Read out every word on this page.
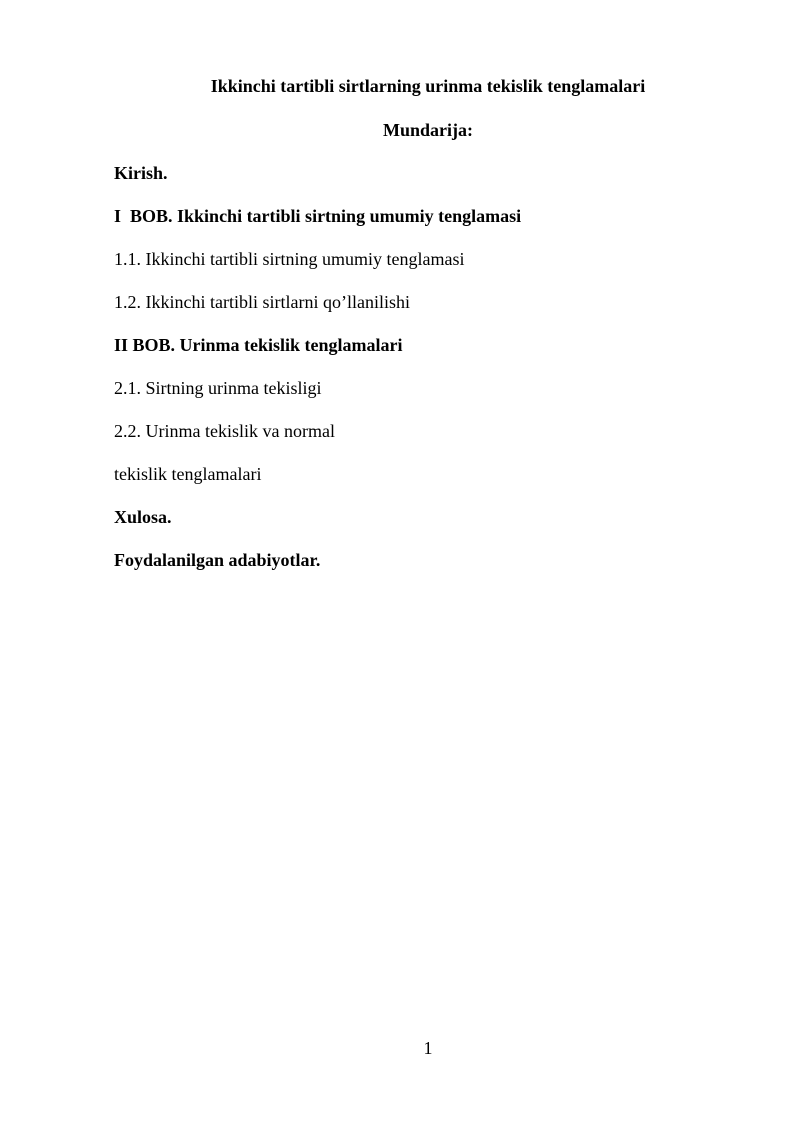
Ikkinchi tartibli sirtlarning urinma tekislik tenglamalari
Mundarija:
Kirish.
I BOB. Ikkinchi tartibli sirtning umumiy tenglamasi
1.1. Ikkinchi tartibli sirtning umumiy tenglamasi
1.2. Ikkinchi tartibli sirtlarni qo’llanilishi
II BOB. Urinma tekislik tenglamalari
2.1. Sirtning urinma tekisligi
2.2. Urinma tekislik va normal
tekislik tenglamalari
Xulosa.
Foydalanilgan adabiyotlar.
1
